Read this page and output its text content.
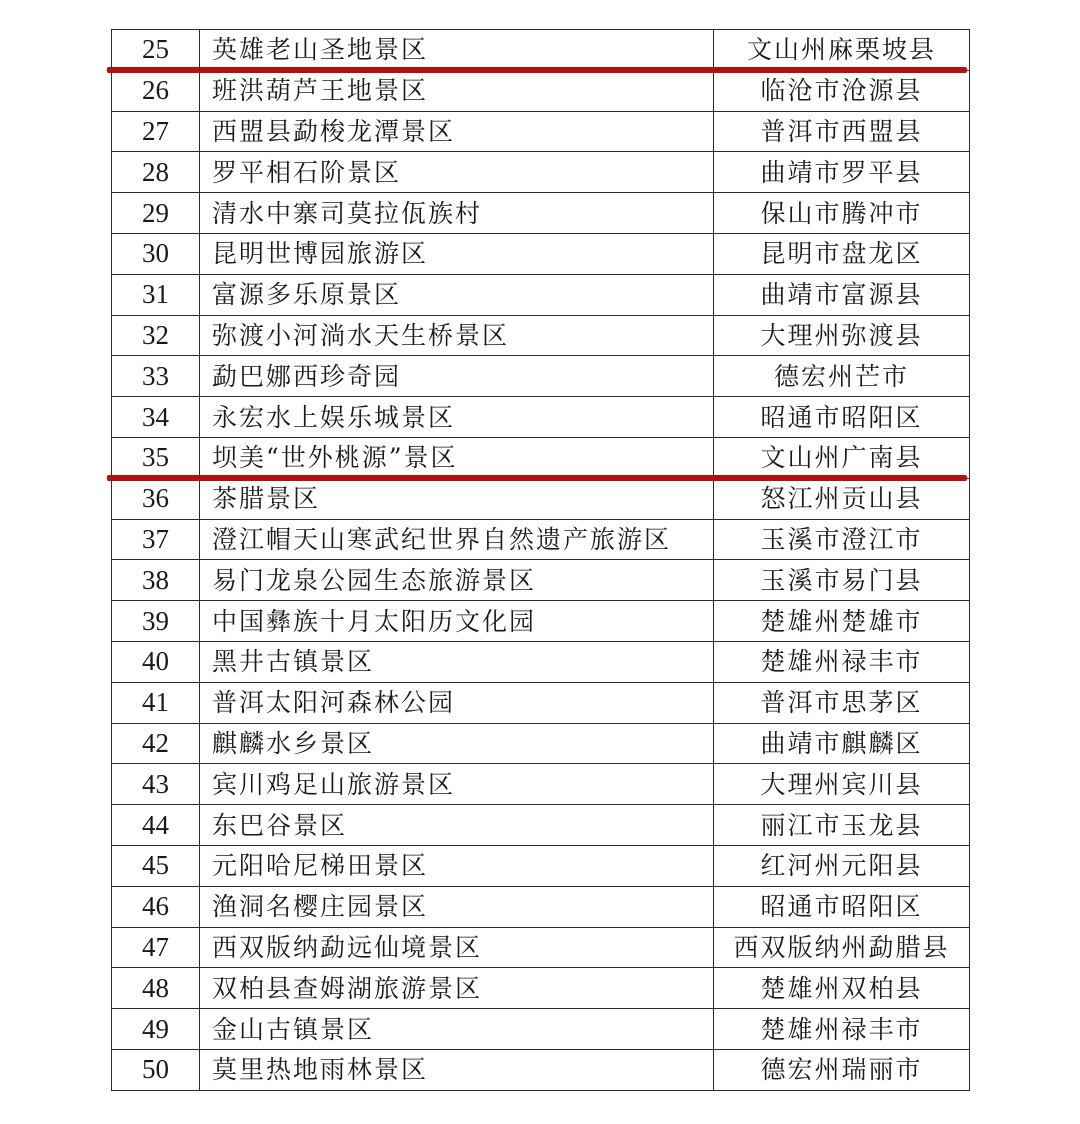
25	英雄老山圣地景区	文山州麻栗坡县
26	班洪葫芦王地景区	临沧市沧源县
27	西盟县勐梭龙潭景区	普洱市西盟县
28	罗平相石阶景区	曲靖市罗平县
29	清水中寨司莫拉佤族村	保山市腾冲市
30	昆明世博园旅游区	昆明市盘龙区
31	富源多乐原景区	曲靖市富源县
32	弥渡小河淌水天生桥景区	大理州弥渡县
33	勐巴娜西珍奇园	德宏州芒市
34	永宏水上娱乐城景区	昭通市昭阳区
35	坝美“世外桃源”景区	文山州广南县
36	茶腊景区	怒江州贡山县
37	澄江帽天山寒武纪世界自然遗产旅游区	玉溪市澄江市
38	易门龙泉公园生态旅游景区	玉溪市易门县
39	中国彝族十月太阳历文化园	楚雄州楚雄市
40	黑井古镇景区	楚雄州禄丰市
41	普洱太阳河森林公园	普洱市思茅区
42	麒麟水乡景区	曲靖市麒麟区
43	宾川鸡足山旅游景区	大理州宾川县
44	东巴谷景区	丽江市玉龙县
45	元阳哈尼梯田景区	红河州元阳县
46	渔洞名樱庄园景区	昭通市昭阳区
47	西双版纳勐远仙境景区	西双版纳州勐腊县
48	双柏县查姆湖旅游景区	楚雄州双柏县
49	金山古镇景区	楚雄州禄丰市
50	莫里热地雨林景区	德宏州瑞丽市
